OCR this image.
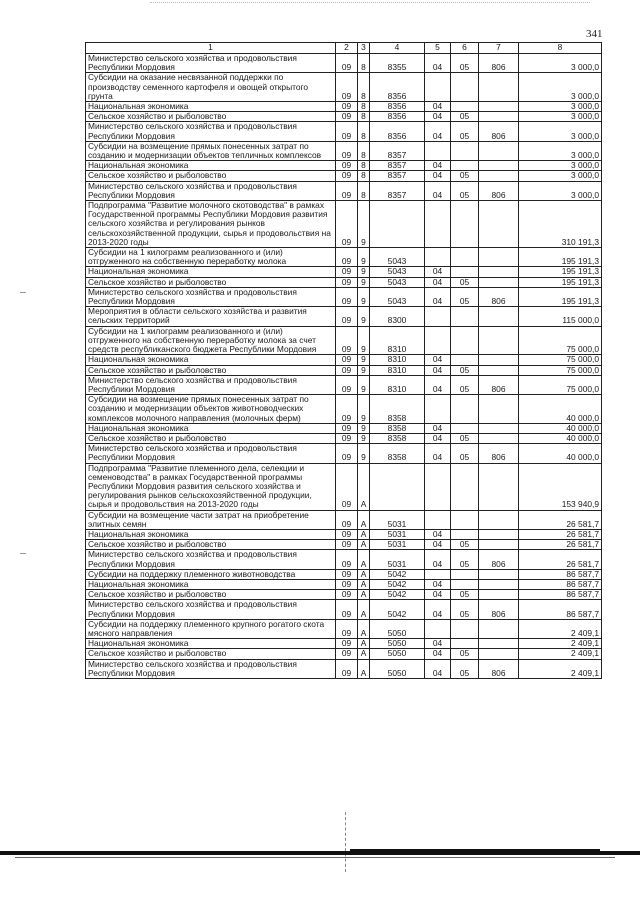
341
1	2	3	4	5	6	7	8
Министерство сельского хозяйства и продовольствия Республики Мордовия	09	8	8355	04	05	806	3 000,0
Субсидии на оказание несвязанной поддержки по производству семенного картофеля и овощей открытого грунта	09	8	8356				3 000,0
Национальная экономика	09	8	8356	04			3 000,0
Сельское хозяйство и рыболовство	09	8	8356	04	05		3 000,0
Министерство сельского хозяйства и продовольствия Республики Мордовия	09	8	8356	04	05	806	3 000,0
Субсидии на возмещение прямых понесенных затрат по созданию и модернизации объектов тепличных комплексов	09	8	8357				3 000,0
Национальная экономика	09	8	8357	04			3 000,0
Сельское хозяйство и рыболовство	09	8	8357	04	05		3 000,0
Министерство сельского хозяйства и продовольствия Республики Мордовия	09	8	8357	04	05	806	3 000,0
Подпрограмма "Развитие молочного скотоводства" в рамках Государственной программы Республики Мордовия развития сельского хозяйства и регулирования рынков сельскохозяйственной продукции, сырья и продовольствия на 2013-2020 годы	09	9					310 191,3
Субсидии на 1 килограмм реализованного и (или) отгруженного на собственную переработку молока	09	9	5043				195 191,3
Национальная экономика	09	9	5043	04			195 191,3
Сельское хозяйство и рыболовство	09	9	5043	04	05		195 191,3
Министерство сельского хозяйства и продовольствия Республики Мордовия	09	9	5043	04	05	806	195 191,3
Мероприятия в области сельского хозяйства и развития сельских территорий	09	9	8300				115 000,0
Субсидии на 1 килограмм реализованного и (или) отгруженного на собственную переработку молока за счет средств республиканского бюджета Республики Мордовия	09	9	8310				75 000,0
Национальная экономика	09	9	8310	04			75 000,0
Сельское хозяйство и рыболовство	09	9	8310	04	05		75 000,0
Министерство сельского хозяйства и продовольствия Республики Мордовия	09	9	8310	04	05	806	75 000,0
Субсидии на возмещение прямых понесенных затрат по созданию и модернизации объектов животноводческих комплексов молочного направления (молочных ферм)	09	9	8358				40 000,0
Национальная экономика	09	9	8358	04			40 000,0
Сельское хозяйство и рыболовство	09	9	8358	04	05		40 000,0
Министерство сельского хозяйства и продовольствия Республики Мордовия	09	9	8358	04	05	806	40 000,0
Подпрограмма "Развитие племенного дела, селекции и семеноводства" в рамках Государственной программы Республики Мордовия развития сельского хозяйства и регулирования рынков сельскохозяйственной продукции, сырья и продовольствия на 2013-2020 годы	09	А					153 940,9
Субсидии на возмещение части затрат на приобретение элитных семян	09	А	5031				26 581,7
Национальная экономика	09	А	5031	04			26 581,7
Сельское хозяйство и рыболовство	09	А	5031	04	05		26 581,7
Министерство сельского хозяйства и продовольствия Республики Мордовия	09	А	5031	04	05	806	26 581,7
Субсидии на поддержку племенного животноводства	09	А	5042				86 587,7
Национальная экономика	09	А	5042	04			86 587,7
Сельское хозяйство и рыболовство	09	А	5042	04	05		86 587,7
Министерство сельского хозяйства и продовольствия Республики Мордовия	09	А	5042	04	05	806	86 587,7
Субсидии на поддержку племенного крупного рогатого скота мясного направления	09	А	5050				2 409,1
Национальная экономика	09	А	5050	04			2 409,1
Сельское хозяйство и рыболовство	09	А	5050	04	05		2 409,1
Министерство сельского хозяйства и продовольствия Республики Мордовия	09	А	5050	04	05	806	2 409,1
